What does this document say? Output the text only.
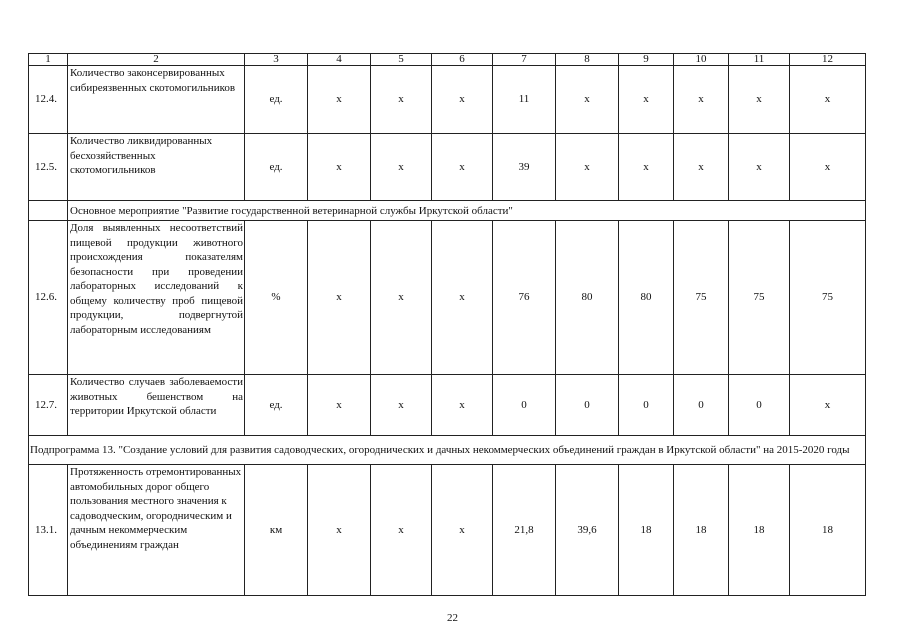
1	2	3	4	5	6	7	8	9	10	11	12
12.4.	Количество законсервированных сибиреязвенных скотомогильников	ед.	х	х	х	11	х	х	х	х	х
12.5.	Количество ликвидированных бесхозяйственных скотомогильников	ед.	х	х	х	39	х	х	х	х	х
	Основное мероприятие "Развитие государственной ветеринарной службы Иркутской области"										
12.6.	Доля выявленных несоответствий пищевой продукции животного происхождения показателям безопасности при проведении лабораторных исследований к общему количеству проб пищевой продукции, подвергнутой лабораторным исследованиям	%	х	х	х	76	80	80	75	75	75
12.7.	Количество случаев заболеваемости животных бешенством на территории Иркутской области	ед.	х	х	х	0	0	0	0	0	х
Подпрограмма 13. "Создание условий для развития садоводческих, огороднических и дачных некоммерческих объединений граждан в Иркутской области" на 2015-2020 годы											
13.1.	Протяженность отремонтированных автомобильных дорог общего пользования местного значения к садоводческим, огородническим и дачным некоммерческим объединениям граждан	км	х	х	х	21,8	39,6	18	18	18	18
22
